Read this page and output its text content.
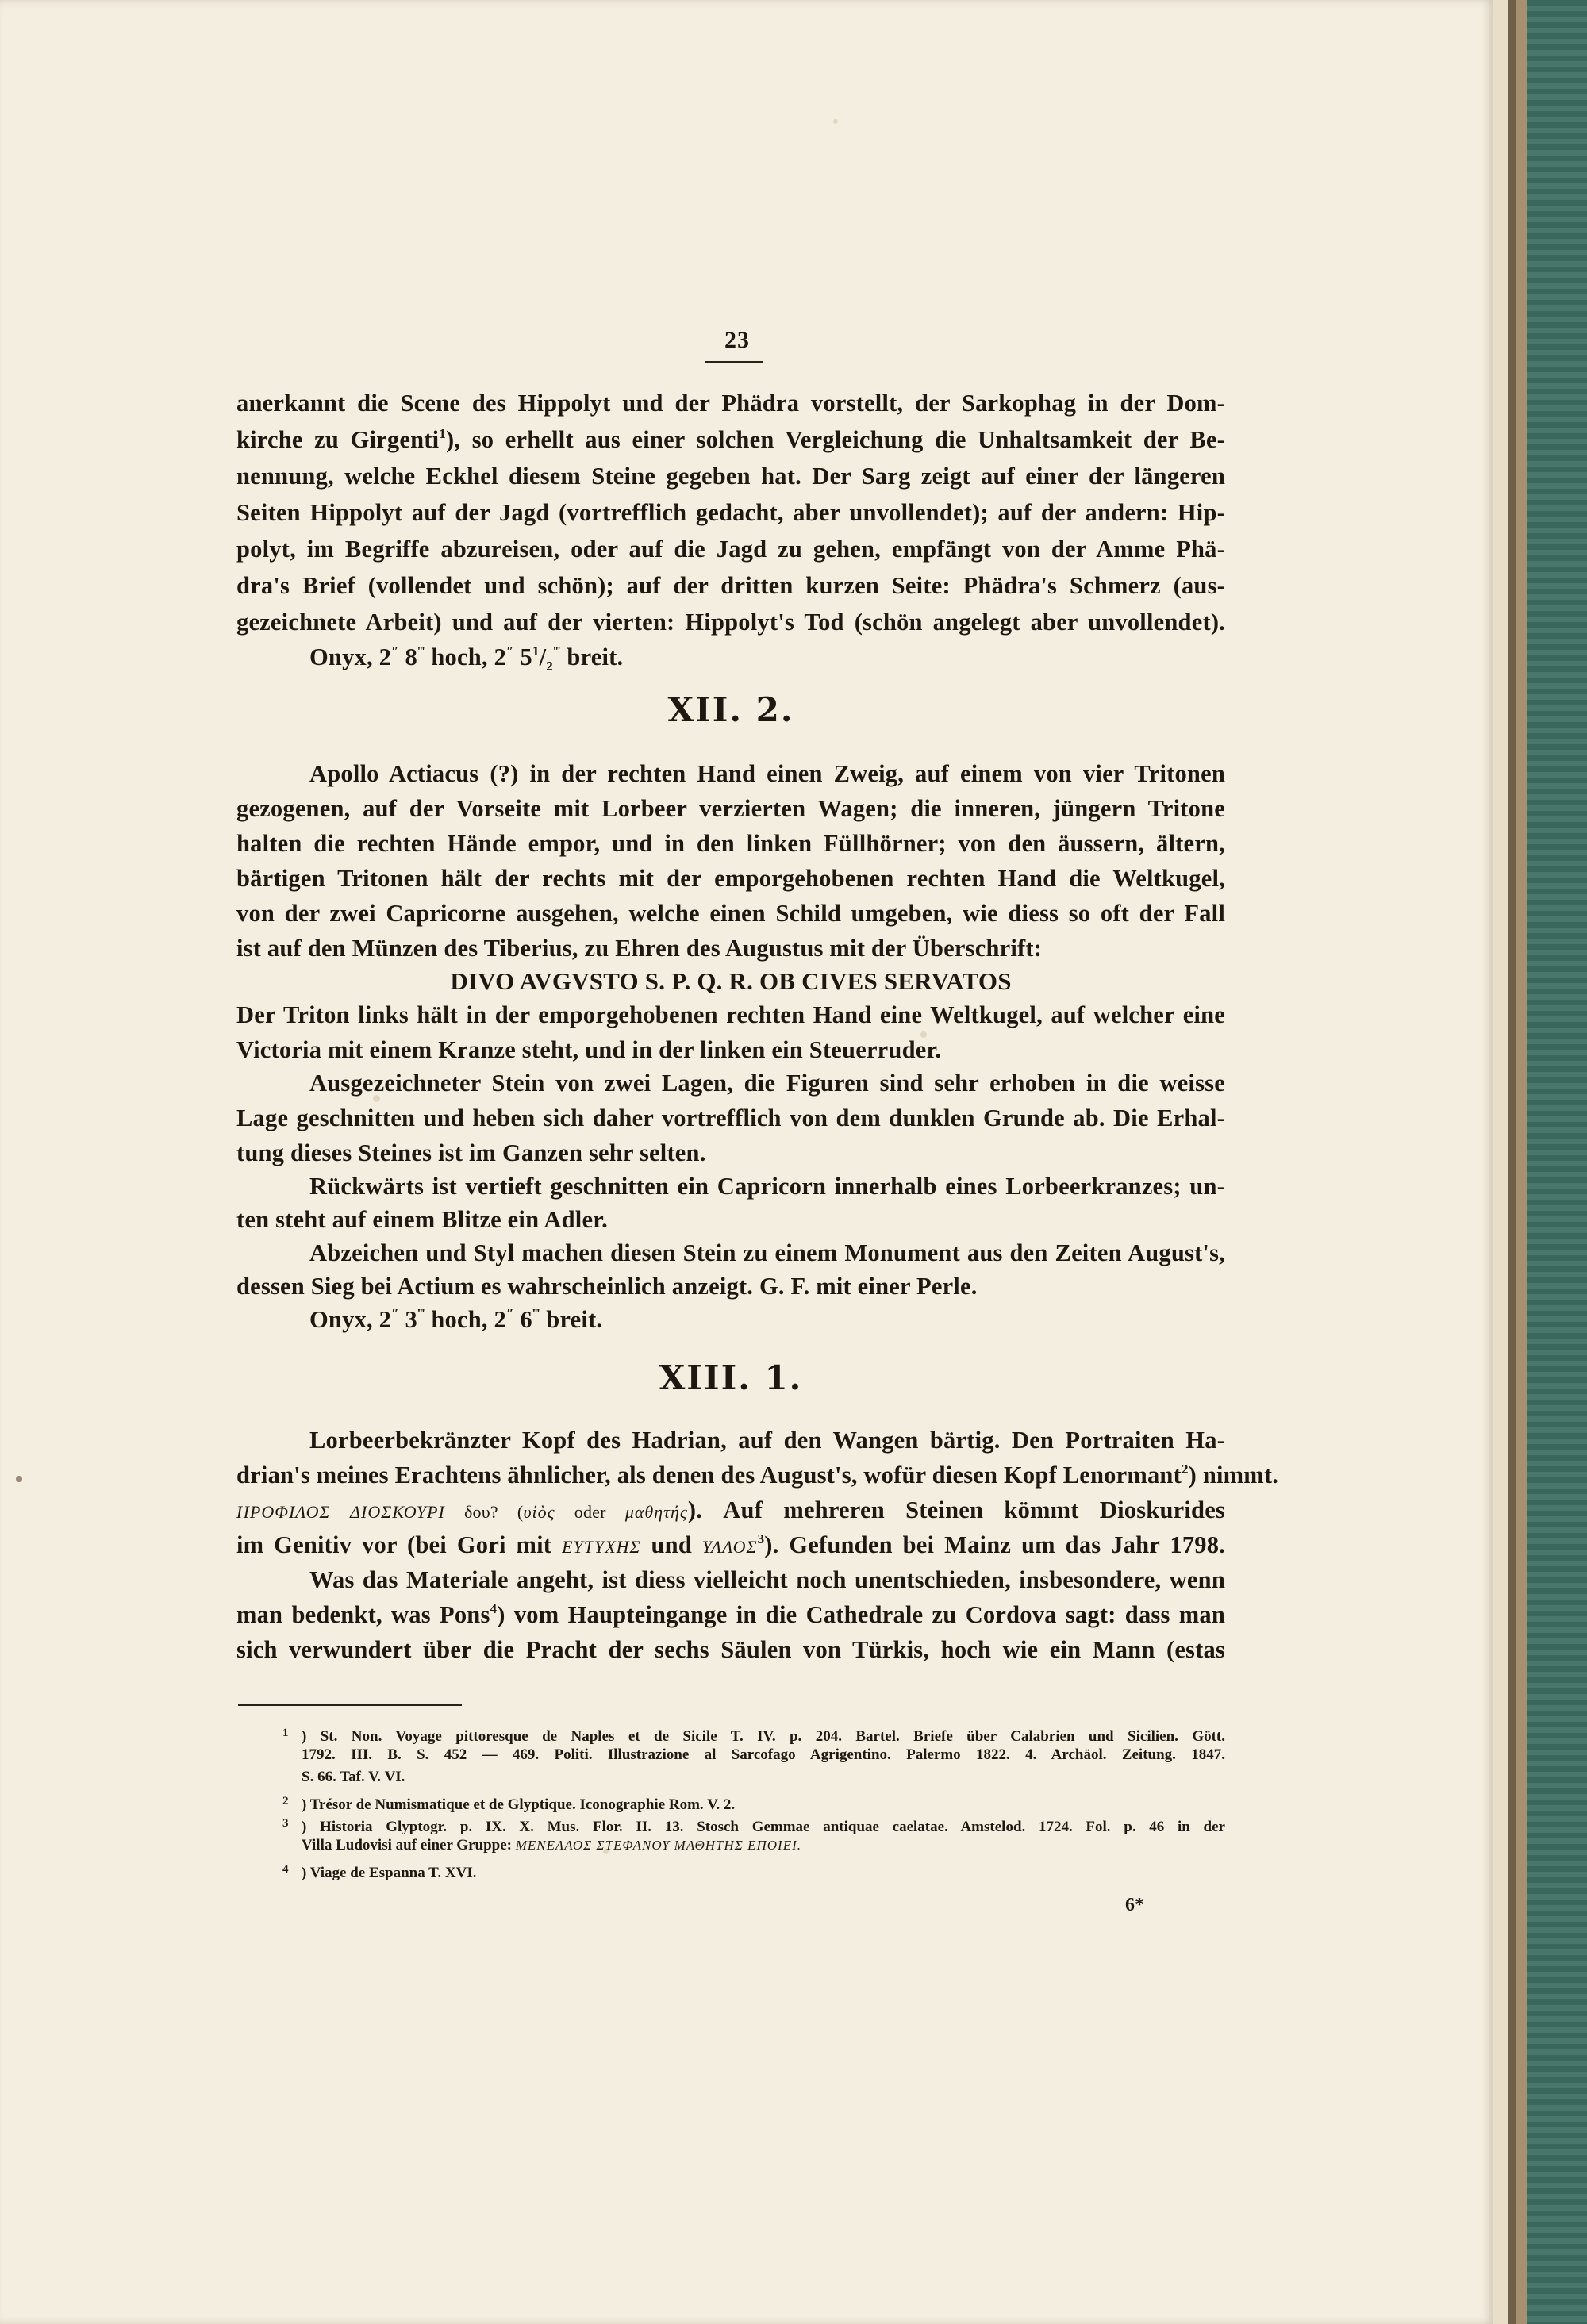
23
anerkannt die Scene des Hippolyt und der Phädra vorstellt, der Sarkophag in der Dom-
kirche zu Girgenti$^1$), so erhellt aus einer solchen Vergleichung die Unhaltsamkeit der Be-
nennung, welche Eckhel diesem Steine gegeben hat. Der Sarg zeigt auf einer der längeren
Seiten Hippolyt auf der Jagd (vortrefflich gedacht, aber unvollendet); auf der andern: Hip-
polyt, im Begriffe abzureisen, oder auf die Jagd zu gehen, empfängt von der Amme Phä-
dra's Brief (vollendet und schön); auf der dritten kurzen Seite: Phädra's Schmerz (aus-
gezeichnete Arbeit) und auf der vierten: Hippolyt's Tod (schön angelegt aber unvollendet).
Onyx, 2″ 8‴ hoch, 2″ $5^1/_2^‴$ breit.
XII. 2.
Apollo Actiacus (?) in der rechten Hand einen Zweig, auf einem von vier Tritonen
gezogenen, auf der Vorseite mit Lorbeer verzierten Wagen; die inneren, jüngern Tritone
halten die rechten Hände empor, und in den linken Füllhörner; von den äussern, ältern,
bärtigen Tritonen hält der rechts mit der emporgehobenen rechten Hand die Weltkugel,
von der zwei Capricorne ausgehen, welche einen Schild umgeben, wie diess so oft der Fall
ist auf den Münzen des Tiberius, zu Ehren des Augustus mit der Überschrift:
DIVO AVGVSTO S. P. Q. R. OB CIVES SERVATOS
Der Triton links hält in der emporgehobenen rechten Hand eine Weltkugel, auf welcher eine
Victoria mit einem Kranze steht, und in der linken ein Steuerruder.
Ausgezeichneter Stein von zwei Lagen, die Figuren sind sehr erhoben in die weisse
Lage geschnitten und heben sich daher vortrefflich von dem dunklen Grunde ab. Die Erhal-
tung dieses Steines ist im Ganzen sehr selten.
Rückwärts ist vertieft geschnitten ein Capricorn innerhalb eines Lorbeerkranzes; un-
ten steht auf einem Blitze ein Adler.
Abzeichen und Styl machen diesen Stein zu einem Monument aus den Zeiten August's,
dessen Sieg bei Actium es wahrscheinlich anzeigt. G. F. mit einer Perle.
Onyx, 2″ 3‴ hoch, 2″ 6‴ breit.
XIII. 1.
Lorbeerbekränzter Kopf des Hadrian, auf den Wangen bärtig. Den Portraiten Ha-
drian's meines Erachtens ähnlicher, als denen des August's, wofür diesen Kopf Lenormant$^2$) nimmt.
ΗΡΟΦΙΛΟΣ ΔΙΟΣΚΟΥΡΙ δου? (υἱὸς oder μαθητής). Auf mehreren Steinen kömmt Dioskurides
im Genitiv vor (bei Gori mit ΕΥΤΥΧΗΣ und ΥΛΛΟΣ$^3$). Gefunden bei Mainz um das Jahr 1798.
Was das Materiale angeht, ist diess vielleicht noch unentschieden, insbesondere, wenn
man bedenkt, was Pons$^4$) vom Haupteingange in die Cathedrale zu Cordova sagt: dass man
sich verwundert über die Pracht der sechs Säulen von Türkis, hoch wie ein Mann (estas
1 ) St. Non. Voyage pittoresque de Naples et de Sicile T. IV. p. 204. Bartel. Briefe über Calabrien und Sicilien. Gött.
1792. III. B. S. 452 — 469. Politi. Illustrazione al Sarcofago Agrigentino. Palermo 1822. 4. Archäol. Zeitung. 1847.
S. 66. Taf. V. VI.
2 ) Trésor de Numismatique et de Glyptique. Iconographie Rom. V. 2.
3 ) Historia Glyptogr. p. IX. X. Mus. Flor. II. 13. Stosch Gemmae antiquae caelatae. Amstelod. 1724. Fol. p. 46 in der
Villa Ludovisi auf einer Gruppe: ΜΕΝΕΛΑΟΣ ΣΤΕΦΑΝΟΥ ΜΑΘΗΤΗΣ ΕΠΟΙΕΙ.
4 ) Viage de Espanna T. XVI.
6*
